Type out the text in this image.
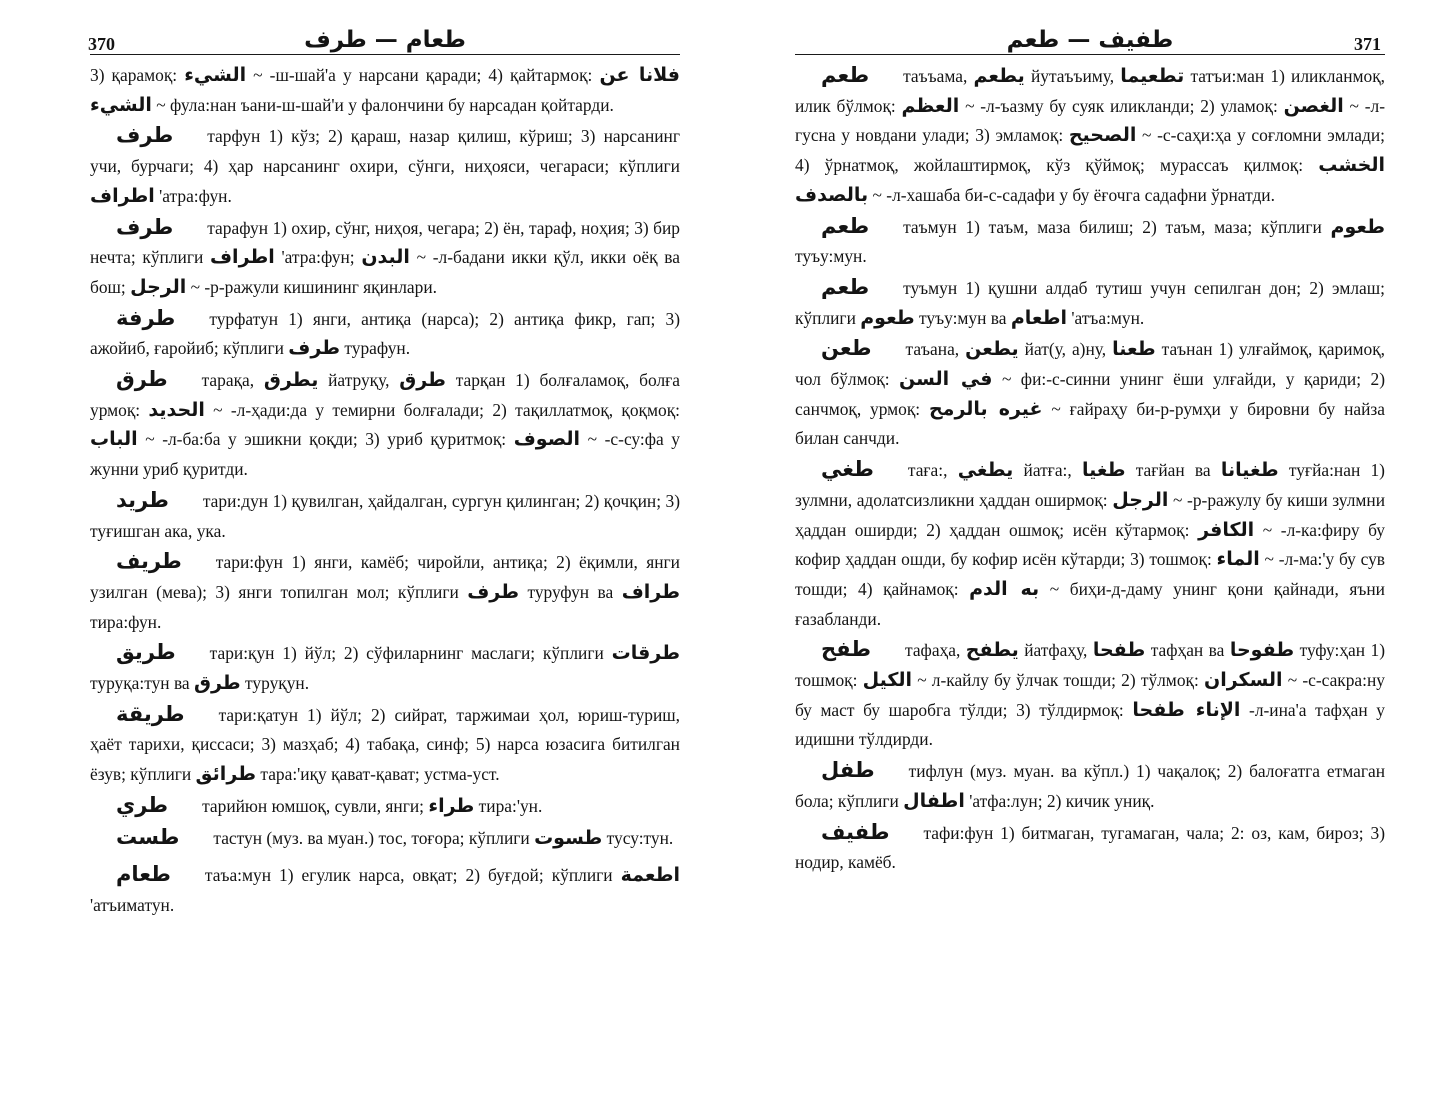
370	طعام — طرف

3) қарамоқ: الشيء ~ -ш-шай'а у нарсани қаради; 4) қайтармоқ: فلانا عن الشيء ~ фула:нан ъани-ш-шай'и у фалончини бу нарсадан қойтарди.

طرف тарфун 1) кўз; 2) қараш, назар қилиш, кўриш; 3) нарсанинг учи, бурчаги; 4) ҳар нарсанинг охири, сўнги, ниҳояси, чегараси; кўплиги اطراف 'атра:фун.

طرف тарафун 1) охир, сўнг, ниҳоя, чегара; 2) ён, тараф, ноҳия; 3) бир нечта; кўплиги اطراف 'атра:фун; البدن ~ -л-бадани икки қўл, икки оёқ ва бош; الرجل ~ -р-ражули кишининг яқинлари.

طرفة турфатун 1) янги, антиқа (нарса); 2) антиқа фикр, гап; 3) ажойиб, ғаройиб; кўплиги طرف турафун.

طرق тарақа, يطرق йатруқу, طرق тарқан 1) болғаламоқ, болға урмоқ: الحديد ~ -л-ҳади:да у темирни болғалади; 2) тақиллатмоқ, қоқмоқ: الباب ~ -л-ба:ба у эшикни қоқди; 3) уриб қуритмоқ: الصوف ~ -с-су:фа у жунни уриб қуритди.

طريد тари:дун 1) қувилган, ҳайдалган, сургун қилинган; 2) қочқин; 3) туғишган ака, ука.

طريف тари:фун 1) янги, камёб; чиройли, антиқа; 2) ёқимли, янги узилган (мева); 3) янги топилган мол; кўплиги طرف туруфун ва طراف тира:фун.

طريق тари:қун 1) йўл; 2) сўфиларнинг маслаги; кўплиги طرقات туруқа:тун ва طرق туруқун.

طريقة тари:қатун 1) йўл; 2) сийрат, таржимаи ҳол, юриш-туриш, ҳаёт тарихи, қиссаси; 3) мазҳаб; 4) табақа, синф; 5) нарса юзасига битилган ёзув; кўплиги طرائق тара:'иқу қават-қават; устма-уст.

طري тарийюн юмшоқ, сувли, янги; طراء тира:'ун.

طست тастун (муз. ва муан.) тос, тоғора; кўплиги طسوت тусу:тун.

طعام таъа:мун 1) егулик нарса, овқат; 2) буғдой; кўплиги اطعمة 'атъиматун.

طفيف — طعم	371

طعم таъъама, يطعم йутаъъиму, تطعيما татъи:ман 1) иликланмоқ, илик бўлмоқ: العظم ~ -л-ъазму бу суяк иликланди; 2) уламоқ: الغصن ~ -л-гусна у новдани улади; 3) эмламоқ: الصحيح ~ -с-саҳи:ҳа у соғломни эмлади; 4) ўрнатмоқ, жойлаштирмоқ, кўз қўймоқ; мурассаъ қилмоқ: الخشب بالصدف ~ -л-хашаба би-с-садафи у бу ёғочга садафни ўрнатди.

طعم таъмун 1) таъм, маза билиш; 2) таъм, маза; кўплиги طعوم туъу:мун.

طعم туъмун 1) қушни алдаб тутиш учун сепилган дон; 2) эмлаш; кўплиги طعوم туъу:мун ва اطعام 'атъа:мун.

طعن таъана, يطعن йат(у, а)ну, طعنا таънан 1) улғаймоқ, қаримоқ, чол бўлмоқ: في السن ~ фи:-с-синни унинг ёши улғайди, у қариди; 2) санчмоқ, урмоқ: غيره بالرمح ~ ғайраҳу би-р-румҳи у бировни бу найза билан санчди.

طغي тағa:, يطغي йатға:, طغيا тағйан ва طغيانا туғйа:нан 1) зулмни, адолатсизликни ҳаддан оширмоқ: الرجل ~ -р-ражулу бу киши зулмни ҳаддан оширди; 2) ҳаддан ошмоқ; исён кўтармоқ: الكافر ~ -л-ка:фиру бу кофир ҳаддан ошди, бу кофир исён кўтарди; 3) тошмоқ: الماء ~ -л-ма:'у бу сув тошди; 4) қайнамоқ: به الدم ~ биҳи-д-даму унинг қони қайнади, яъни ғазабланди.

طفح тафаҳа, يطفح йатфаҳу, طفحا тафҳан ва طفوحا туфу:ҳан 1) тошмоқ: الكيل ~ л-кайлу бу ўлчак тошди; 2) тўлмоқ: السكران ~ -с-сакра:ну бу маст бу шаробга тўлди; 3) тўлдирмоқ: الإناء طفحا -л-ина'а тафҳан у идишни тўлдирди.

طفل тифлун (муз. муан. ва кўпл.) 1) чақалоқ; 2) балоғатга етмаган бола; кўплиги اطفال 'атфа:лун; 2) кичик униқ.

طفيف тафи:фун 1) битмаган, тугамаган, чала; 2: оз, кам, бироз; 3) нодир, камёб.
